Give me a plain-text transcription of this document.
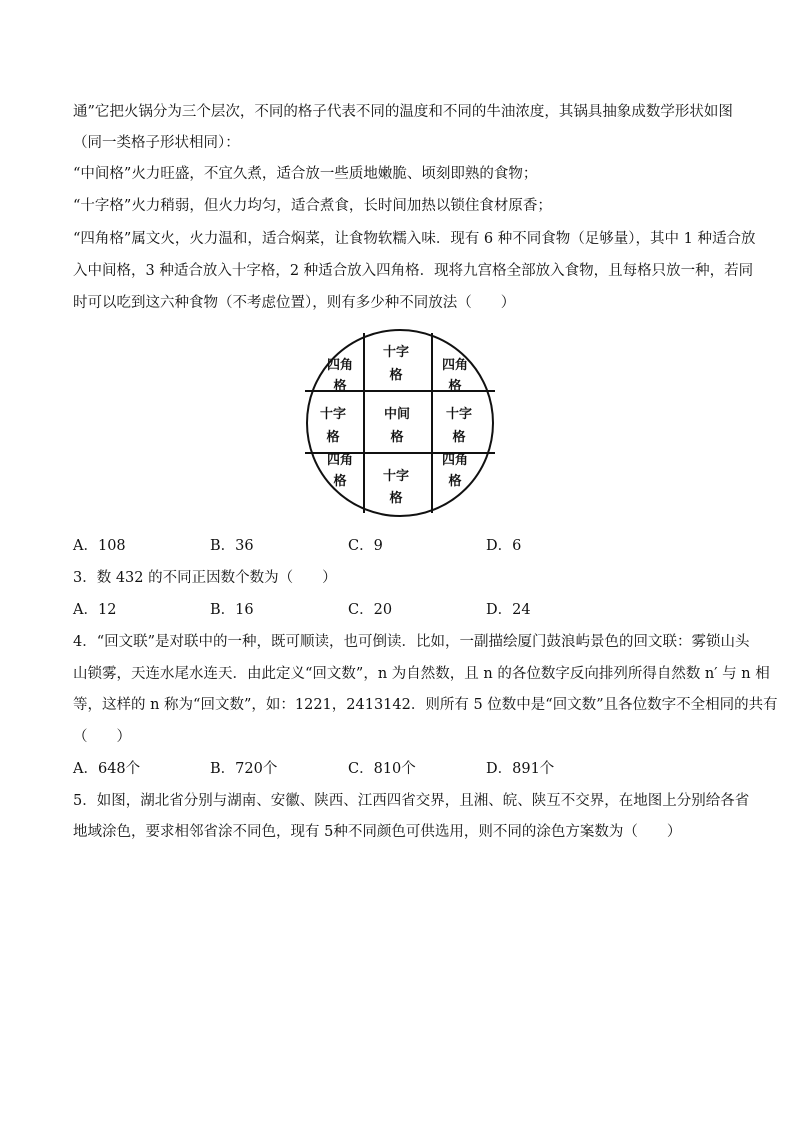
通”它把火锅分为三个层次，不同的格子代表不同的温度和不同的牛油浓度，其锅具抽象成数学形状如图
（同一类格子形状相同）：
“中间格”火力旺盛，不宜久煮，适合放一些质地嫩脆、顷刻即熟的食物；
“十字格”火力稍弱，但火力均匀，适合煮食，长时间加热以锁住食材原香；
“四角格”属文火，火力温和，适合焖菜，让食物软糯入味．现有 6 种不同食物（足够量），其中 1 种适合放
入中间格，3 种适合放入十字格，2 种适合放入四角格．现将九宫格全部放入食物，且每格只放一种，若同
时可以吃到这六种食物（不考虑位置），则有多少种不同放法（　　）
四角
格
十字
格
四角
格
十字
格
中间
格
十字
格
四角
格	十字
格
四角
格
A．108	B．36	C．9	D．6
3．数 432 的不同正因数个数为（　　）
A．12	B．16	C．20	D．24
4．“回文联”是对联中的一种，既可顺读，也可倒读．比如，一副描绘厦门鼓浪屿景色的回文联：雾锁山头
山锁雾，天连水尾水连天．由此定义“回文数”，n 为自然数，且 n 的各位数字反向排列所得自然数 n′ 与 n 相
等，这样的 n 称为“回文数”，如：1221，2413142．则所有 5 位数中是“回文数”且各位数字不全相同的共有
（　　）
A．648个	B．720个	C．810个	D．891个
5．如图，湖北省分别与湖南、安徽、陕西、江西四省交界，且湘、皖、陕互不交界，在地图上分别给各省
地域涂色，要求相邻省涂不同色，现有 5种不同颜色可供选用，则不同的涂色方案数为（　　）
